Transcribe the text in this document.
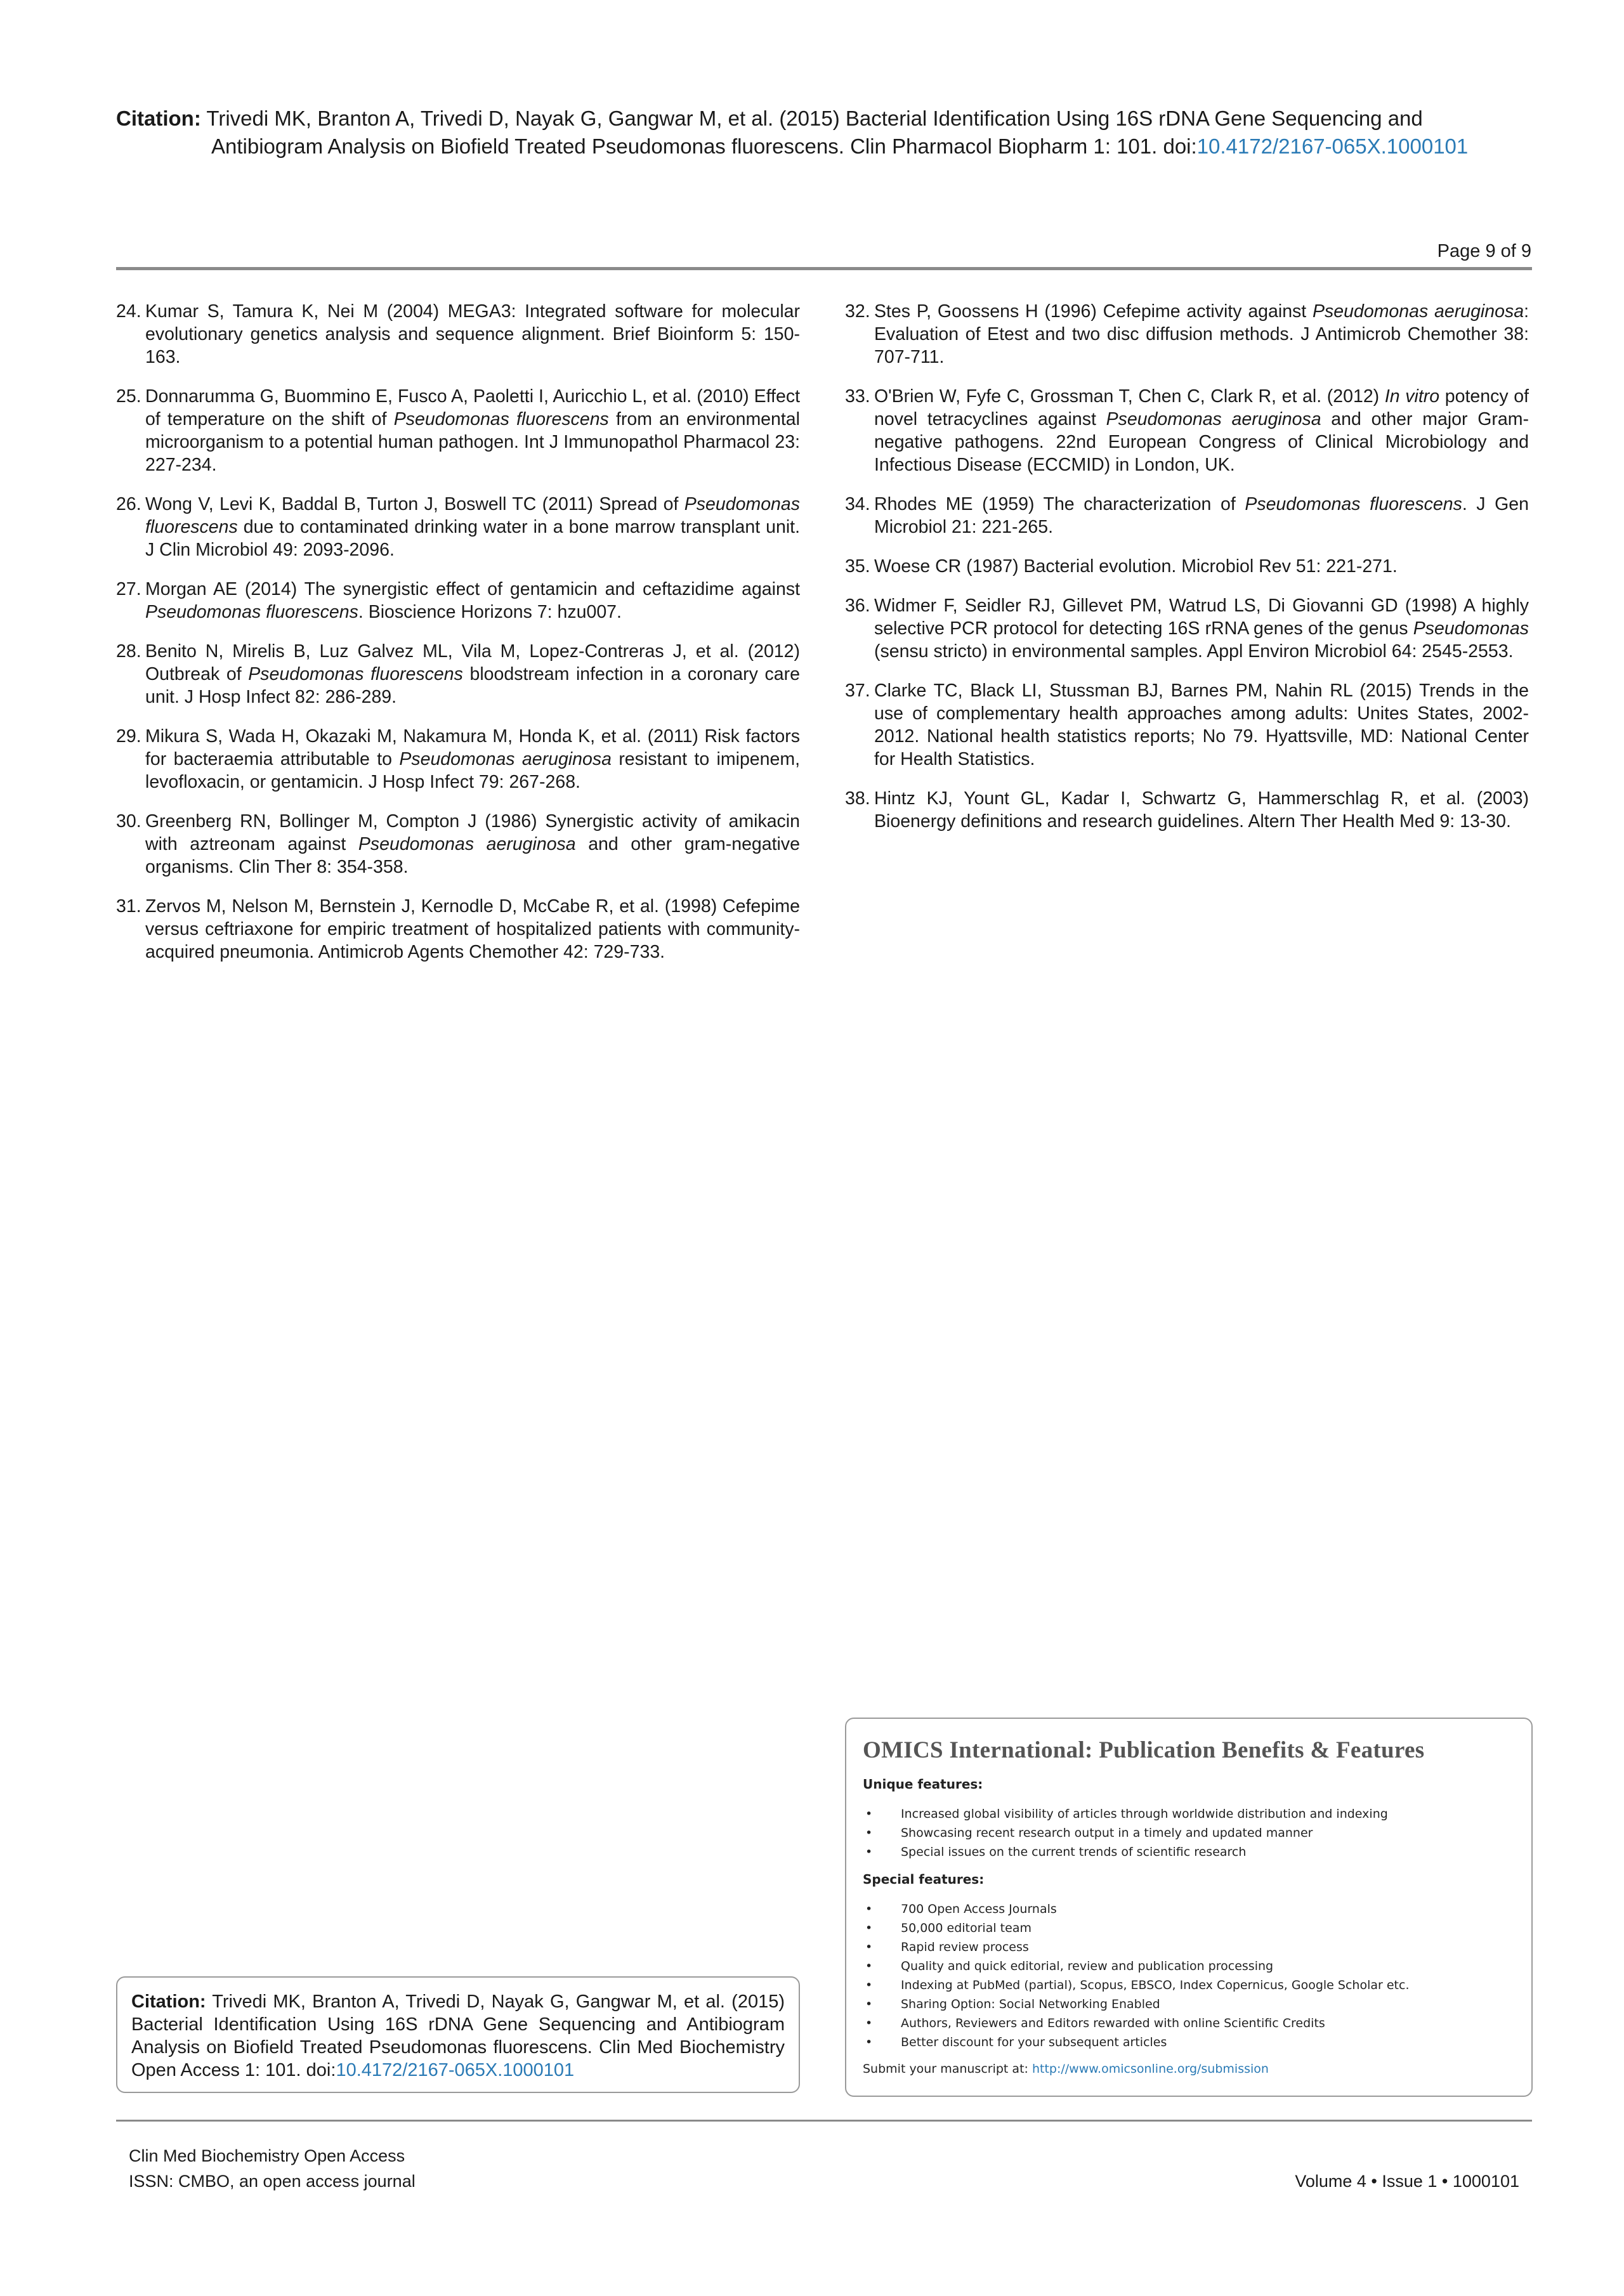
Citation: Trivedi MK, Branton A, Trivedi D, Nayak G, Gangwar M, et al. (2015) Bacterial Identification Using 16S rDNA Gene Sequencing and
Antibiogram Analysis on Biofield Treated Pseudomonas fluorescens. Clin Pharmacol Biopharm 1: 101. doi:10.4172/2167-065X.1000101
Page 9 of 9
24. Kumar S, Tamura K, Nei M (2004) MEGA3: Integrated software for molecular evolutionary genetics analysis and sequence alignment. Brief Bioinform 5: 150-163.
25. Donnarumma G, Buommino E, Fusco A, Paoletti I, Auricchio L, et al. (2010) Effect of temperature on the shift of Pseudomonas fluorescens from an environmental microorganism to a potential human pathogen. Int J Immunopathol Pharmacol 23: 227-234.
26. Wong V, Levi K, Baddal B, Turton J, Boswell TC (2011) Spread of Pseudomonas fluorescens due to contaminated drinking water in a bone marrow transplant unit. J Clin Microbiol 49: 2093-2096.
27. Morgan AE (2014) The synergistic effect of gentamicin and ceftazidime against Pseudomonas fluorescens. Bioscience Horizons 7: hzu007.
28. Benito N, Mirelis B, Luz Galvez ML, Vila M, Lopez-Contreras J, et al. (2012) Outbreak of Pseudomonas fluorescens bloodstream infection in a coronary care unit. J Hosp Infect 82: 286-289.
29. Mikura S, Wada H, Okazaki M, Nakamura M, Honda K, et al. (2011) Risk factors for bacteraemia attributable to Pseudomonas aeruginosa resistant to imipenem, levofloxacin, or gentamicin. J Hosp Infect 79: 267-268.
30. Greenberg RN, Bollinger M, Compton J (1986) Synergistic activity of amikacin with aztreonam against Pseudomonas aeruginosa and other gram-negative organisms. Clin Ther 8: 354-358.
31. Zervos M, Nelson M, Bernstein J, Kernodle D, McCabe R, et al. (1998) Cefepime versus ceftriaxone for empiric treatment of hospitalized patients with community-acquired pneumonia. Antimicrob Agents Chemother 42: 729-733.
32. Stes P, Goossens H (1996) Cefepime activity against Pseudomonas aeruginosa: Evaluation of Etest and two disc diffusion methods. J Antimicrob Chemother 38: 707-711.
33. O'Brien W, Fyfe C, Grossman T, Chen C, Clark R, et al. (2012) In vitro potency of novel tetracyclines against Pseudomonas aeruginosa and other major Gram-negative pathogens. 22nd European Congress of Clinical Microbiology and Infectious Disease (ECCMID) in London, UK.
34. Rhodes ME (1959) The characterization of Pseudomonas fluorescens. J Gen Microbiol 21: 221-265.
35. Woese CR (1987) Bacterial evolution. Microbiol Rev 51: 221-271.
36. Widmer F, Seidler RJ, Gillevet PM, Watrud LS, Di Giovanni GD (1998) A highly selective PCR protocol for detecting 16S rRNA genes of the genus Pseudomonas (sensu stricto) in environmental samples. Appl Environ Microbiol 64: 2545-2553.
37. Clarke TC, Black LI, Stussman BJ, Barnes PM, Nahin RL (2015) Trends in the use of complementary health approaches among adults: Unites States, 2002-2012. National health statistics reports; No 79. Hyattsville, MD: National Center for Health Statistics.
38. Hintz KJ, Yount GL, Kadar I, Schwartz G, Hammerschlag R, et al. (2003) Bioenergy definitions and research guidelines. Altern Ther Health Med 9: 13-30.
OMICS International: Publication Benefits & Features
Unique features:
•	Increased global visibility of articles through worldwide distribution and indexing
•	Showcasing recent research output in a timely and updated manner
•	Special issues on the current trends of scientific research
Special features:
•	700 Open Access Journals
•	50,000 editorial team
•	Rapid review process
•	Quality and quick editorial, review and publication processing
•	Indexing at PubMed (partial), Scopus, EBSCO, Index Copernicus, Google Scholar etc.
•	Sharing Option: Social Networking Enabled
•	Authors, Reviewers and Editors rewarded with online Scientific Credits
•	Better discount for your subsequent articles
Submit your manuscript at: http://www.omicsonline.org/submission
Citation: Trivedi MK, Branton A, Trivedi D, Nayak G, Gangwar M, et al. (2015) Bacterial Identification Using 16S rDNA Gene Sequencing and Antibiogram Analysis on Biofield Treated Pseudomonas fluorescens. Clin Med Biochemistry Open Access 1: 101. doi:10.4172/2167-065X.1000101
Clin Med Biochemistry Open Access
ISSN: CMBO, an open access journal	Volume 4 • Issue 1 • 1000101
